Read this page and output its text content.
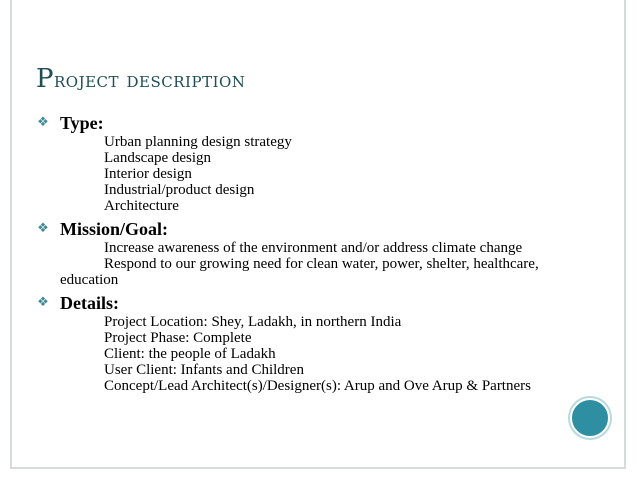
Project description
❖ Type:
Urban planning design strategy
Landscape design
Interior design
Industrial/product design
Architecture
❖ Mission/Goal:
Increase awareness of the environment and/or address climate change
Respond to our growing need for clean water, power, shelter, healthcare, education
❖ Details:
Project Location: Shey, Ladakh, in northern India
Project Phase: Complete
Client: the people of Ladakh
User Client: Infants and Children
Concept/Lead Architect(s)/Designer(s): Arup and Ove Arup & Partners
